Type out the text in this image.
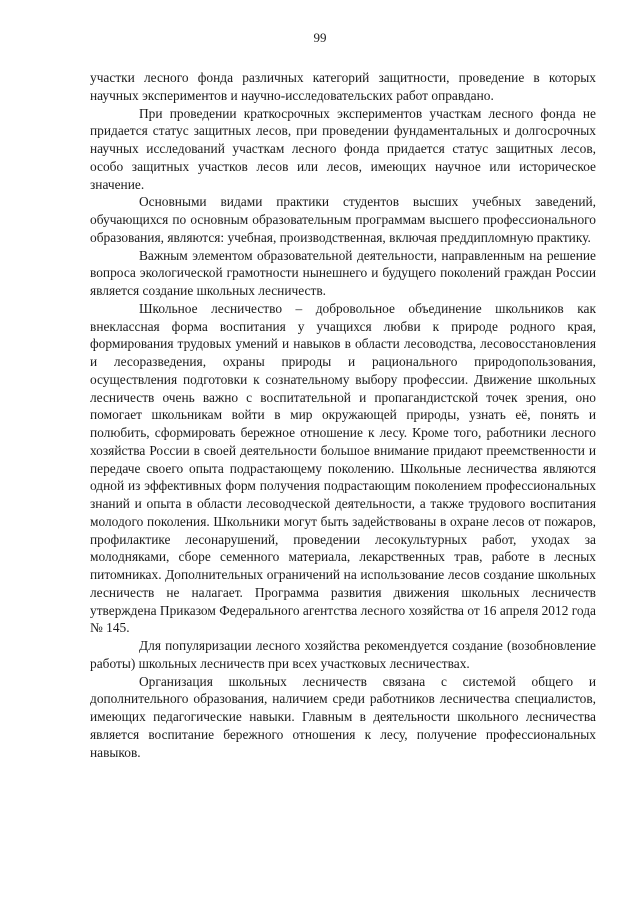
99

участки лесного фонда различных категорий защитности, проведение в которых научных экспериментов и научно-исследовательских работ оправдано.

При проведении краткосрочных экспериментов участкам лесного фонда не придается статус защитных лесов, при проведении фундаментальных и долгосрочных научных исследований участкам лесного фонда придается статус защитных лесов, особо защитных участков лесов или лесов, имеющих научное или историческое значение.

Основными видами практики студентов высших учебных заведений, обучающихся по основным образовательным программам высшего профессионального образования, являются: учебная, производственная, включая преддипломную практику.

Важным элементом образовательной деятельности, направленным на решение вопроса экологической грамотности нынешнего и будущего поколений граждан России является создание школьных лесничеств.

Школьное лесничество – добровольное объединение школьников как внеклассная форма воспитания у учащихся любви к природе родного края, формирования трудовых умений и навыков в области лесоводства, лесовосстановления и лесоразведения, охраны природы и рационального природопользования, осуществления подготовки к сознательному выбору профессии. Движение школьных лесничеств очень важно с воспитательной и пропагандистской точек зрения, оно помогает школьникам войти в мир окружающей природы, узнать её, понять и полюбить, сформировать бережное отношение к лесу. Кроме того, работники лесного хозяйства России в своей деятельности большое внимание придают преемственности и передаче своего опыта подрастающему поколению. Школьные лесничества являются одной из эффективных форм получения подрастающим поколением профессиональных знаний и опыта в области лесоводческой деятельности, а также трудового воспитания молодого поколения. Школьники могут быть задействованы в охране лесов от пожаров, профилактике лесонарушений, проведении лесокультурных работ, уходах за молодняками, сборе семенного материала, лекарственных трав, работе в лесных питомниках. Дополнительных ограничений на использование лесов создание школьных лесничеств не налагает. Программа развития движения школьных лесничеств утверждена Приказом Федерального агентства лесного хозяйства от 16 апреля 2012 года № 145.

Для популяризации лесного хозяйства рекомендуется создание (возобновление работы) школьных лесничеств при всех участковых лесничествах.

Организация школьных лесничеств связана с системой общего и дополнительного образования, наличием среди работников лесничества специалистов, имеющих педагогические навыки. Главным в деятельности школьного лесничества является воспитание бережного отношения к лесу, получение профессиональных навыков.
